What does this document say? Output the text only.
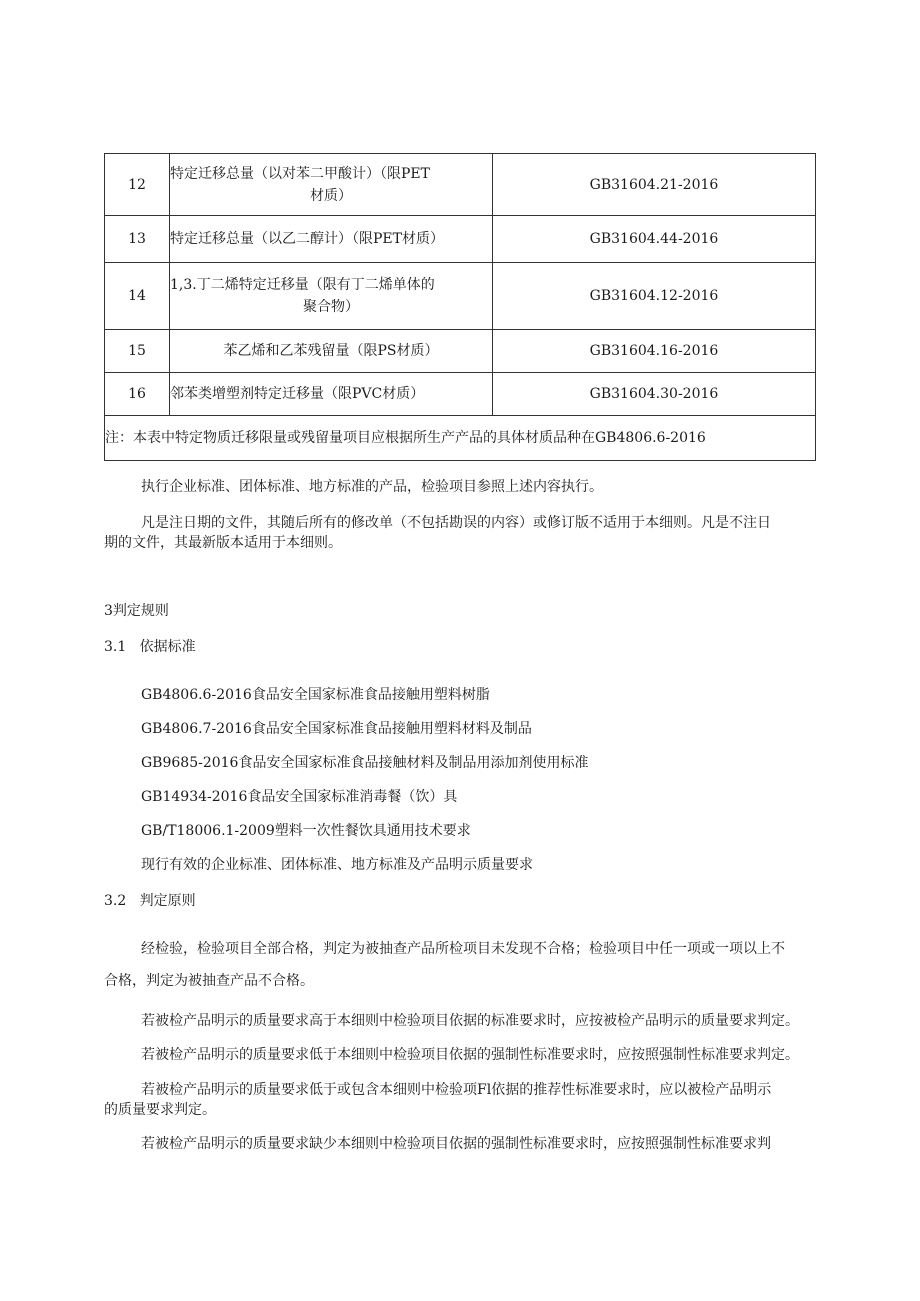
12	特定迁移总量（以对苯二甲酸计）（限PET
材质）	GB31604.21-2016
13	特定迁移总量（以乙二醇计）（限PET材质）	GB31604.44-2016
14	1,3.丁二烯特定迁移量（限有丁二烯单体的
聚合物）	GB31604.12-2016
15	苯乙烯和乙苯残留量（限PS材质）	GB31604.16-2016
16	邻苯类增塑剂特定迁移量（限PVC材质）	GB31604.30-2016
注：本表中特定物质迁移限量或残留量项目应根据所生产产品的具体材质品种在GB4806.6-2016		
执行企业标准、团体标准、地方标准的产品，检验项目参照上述内容执行。
凡是注日期的文件，其随后所有的修改单（不包括勘误的内容）或修订版不适用于本细则。凡是不注日
期的文件，其最新版本适用于本细则。
3判定规则
3.1   依据标准
GB4806.6-2016食品安全国家标准食品接触用塑料树脂
GB4806.7-2016食品安全国家标准食品接触用塑料材料及制品
GB9685-2016食品安全国家标准食品接触材料及制品用添加剂使用标准
GB14934-2016食品安全国家标准消毒餐（饮）具
GB/T18006.1-2009塑料一次性餐饮具通用技术要求
现行有效的企业标准、团体标准、地方标准及产品明示质量要求
3.2   判定原则
经检验，检验项目全部合格，判定为被抽查产品所检项目未发现不合格；检验项目中任一项或一项以上不
合格，判定为被抽查产品不合格。
若被检产品明示的质量要求高于本细则中检验项目依据的标准要求时，应按被检产品明示的质量要求判定。
若被检产品明示的质量要求低于本细则中检验项目依据的强制性标准要求时，应按照强制性标准要求判定。
若被检产品明示的质量要求低于或包含本细则中检验项Fl依据的推荐性标准要求时，应以被检产品明示
的质量要求判定。
若被检产品明示的质量要求缺少本细则中检验项目依据的强制性标准要求时，应按照强制性标准要求判
